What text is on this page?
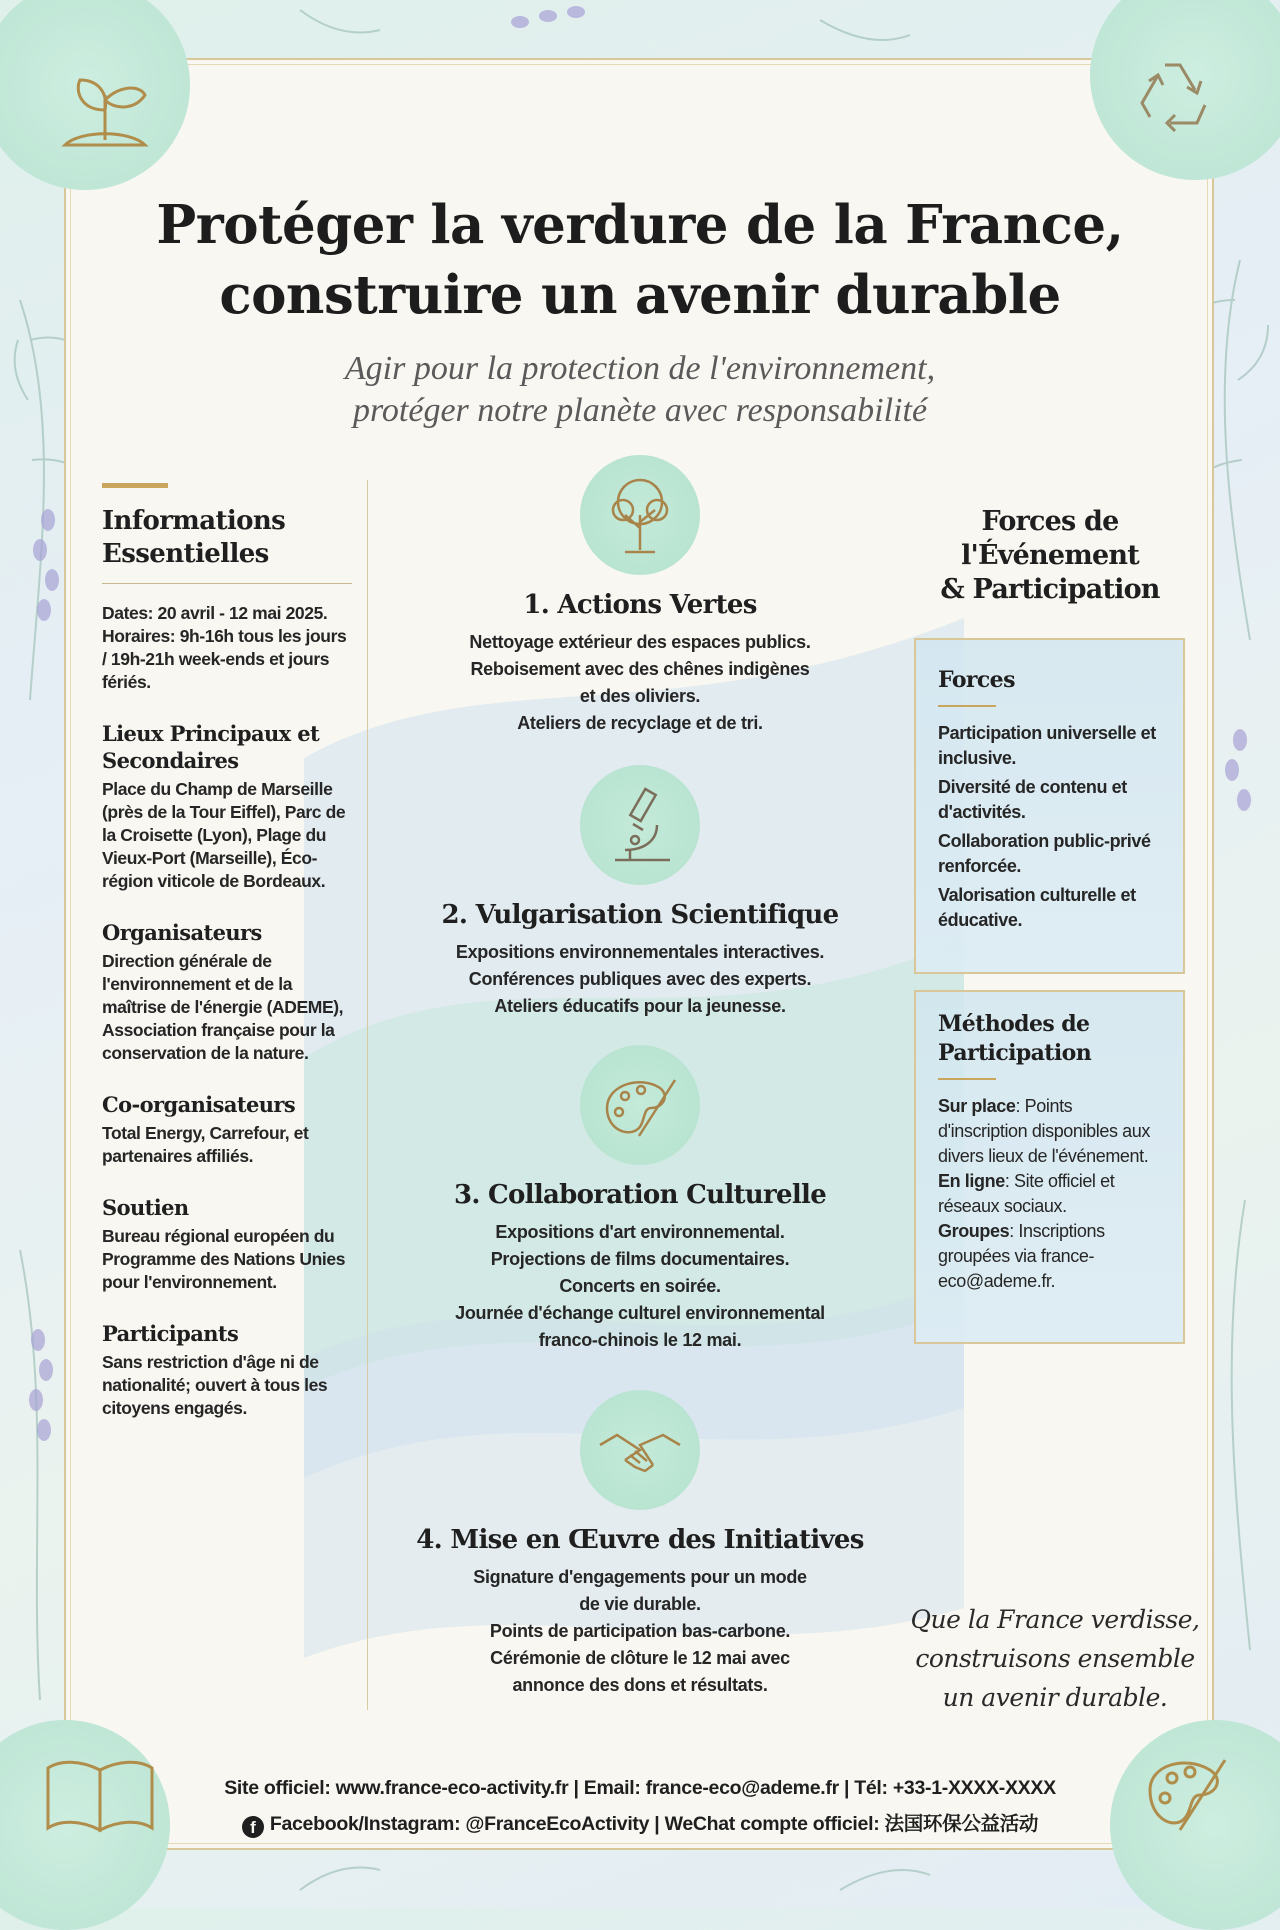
Protéger la verdure de la France,
construire un avenir durable
Agir pour la protection de l'environnement,
protéger notre planète avec responsabilité
Informations
Essentielles

Dates: 20 avril - 12 mai 2025. Horaires: 9h-16h tous les jours / 19h-21h week-ends et jours fériés.

Lieux Principaux et Secondaires

Place du Champ de Marseille (près de la Tour Eiffel), Parc de la Croisette (Lyon), Plage du Vieux-Port (Marseille), Éco-région viticole de Bordeaux.

Organisateurs

Direction générale de l'environnement et de la maîtrise de l'énergie (ADEME), Association française pour la conservation de la nature.

Co-organisateurs

Total Energy, Carrefour, et partenaires affiliés.

Soutien

Bureau régional européen du Programme des Nations Unies pour l'environnement.

Participants

Sans restriction d'âge ni de nationalité; ouvert à tous les citoyens engagés.

1. Actions Vertes

Nettoyage extérieur des espaces publics.
Reboisement avec des chênes indigènes
et des oliviers.
Ateliers de recyclage et de tri.

2. Vulgarisation Scientifique

Expositions environnementales interactives.
Conférences publiques avec des experts.
Ateliers éducatifs pour la jeunesse.

3. Collaboration Culturelle

Expositions d'art environnemental.
Projections de films documentaires.
Concerts en soirée.
Journée d'échange culturel environnemental
franco-chinois le 12 mai.

4. Mise en Œuvre des Initiatives

Signature d'engagements pour un mode
de vie durable.
Points de participation bas-carbone.
Cérémonie de clôture le 12 mai avec
annonce des dons et résultats.

Forces de
l'Événement
& Participation
Forces

Participation universelle et inclusive.

Diversité de contenu et d'activités.

Collaboration public-privé renforcée.

Valorisation culturelle et éducative.

Méthodes de Participation

Sur place: Points d'inscription disponibles aux divers lieux de l'événement.

En ligne: Site officiel et réseaux sociaux.

Groupes: Inscriptions groupées via france-eco@ademe.fr.

Que la France verdisse,
construisons ensemble
un avenir durable.
Site officiel: www.france-eco-activity.fr | Email: france-eco@ademe.fr | Tél: +33-1-XXXX-XXXX
f Facebook/Instagram: @FranceEcoActivity | WeChat compte officiel: 法国环保公益活动
